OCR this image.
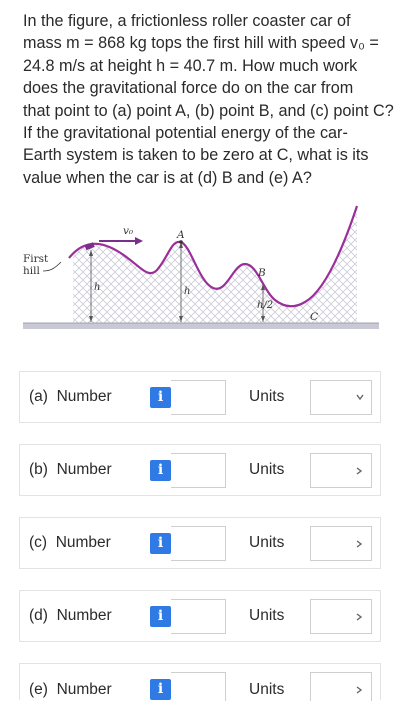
In the figure, a frictionless roller coaster car of
mass m = 868 kg tops the first hill with speed v₀ =
24.8 m/s at height h = 40.7 m. How much work
does the gravitational force do on the car from
that point to (a) point A, (b) point B, and (c) point C?
If the gravitational potential energy of the car-
Earth system is taken to be zero at C, what is its
value when the car is at (d) B and (e) A?
First
hill
v₀	A
B
C
h	h
h/2
(a) Number	i	Units
(b) Number	i	Units
(c) Number	i	Units
(d) Number	i	Units
(e) Number	i	Units
